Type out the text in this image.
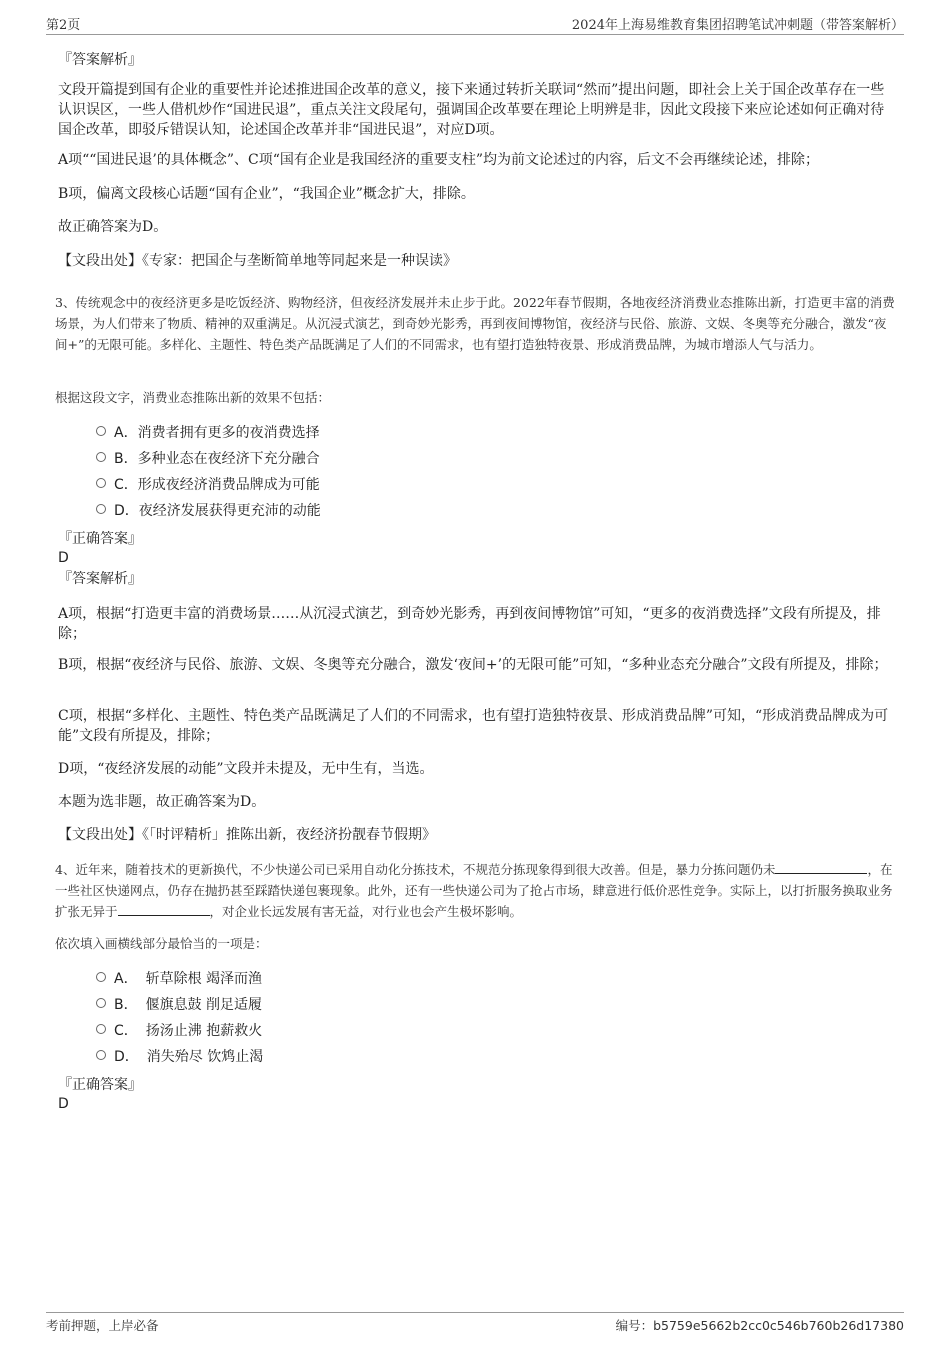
第2页	2024年上海易维教育集团招聘笔试冲刺题（带答案解析）
『答案解析』
文段开篇提到国有企业的重要性并论述推进国企改革的意义，接下来通过转折关联词“然而”提出问题，即社会上关于国企改革存在一些认识误区，一些人借机炒作“国进民退”，重点关注文段尾句，强调国企改革要在理论上明辨是非，因此文段接下来应论述如何正确对待国企改革，即驳斥错误认知，论述国企改革并非“国进民退”，对应D项。
A项““国进民退’的具体概念”、C项“国有企业是我国经济的重要支柱”均为前文论述过的内容，后文不会再继续论述，排除；
B项，偏离文段核心话题“国有企业”，“我国企业”概念扩大，排除。
故正确答案为D。
【文段出处】《专家：把国企与垄断简单地等同起来是一种误读》
3、传统观念中的夜经济更多是吃饭经济、购物经济，但夜经济发展并未止步于此。2022年春节假期，各地夜经济消费业态推陈出新，打造更丰富的消费场景，为人们带来了物质、精神的双重满足。从沉浸式演艺，到奇妙光影秀，再到夜间博物馆，夜经济与民俗、旅游、文娱、冬奥等充分融合，激发“夜间+”的无限可能。多样化、主题性、特色类产品既满足了人们的不同需求，也有望打造独特夜景、形成消费品牌，为城市增添人气与活力。
根据这段文字，消费业态推陈出新的效果不包括：
A．消费者拥有更多的夜消费选择
B．多种业态在夜经济下充分融合
C．形成夜经济消费品牌成为可能
D．夜经济发展获得更充沛的动能
『正确答案』
D
『答案解析』
A项，根据“打造更丰富的消费场景……从沉浸式演艺，到奇妙光影秀，再到夜间博物馆”可知，“更多的夜消费选择”文段有所提及，排除；
B项，根据“夜经济与民俗、旅游、文娱、冬奥等充分融合，激发‘夜间+’的无限可能”可知，“多种业态充分融合”文段有所提及，排除；
C项，根据“多样化、主题性、特色类产品既满足了人们的不同需求，也有望打造独特夜景、形成消费品牌”可知，“形成消费品牌成为可能”文段有所提及，排除；
D项，“夜经济发展的动能”文段并未提及，无中生有，当选。
本题为选非题，故正确答案为D。
【文段出处】《「时评精析」推陈出新，夜经济扮靓春节假期》
4、近年来，随着技术的更新换代，不少快递公司已采用自动化分拣技术，不规范分拣现象得到很大改善。但是，暴力分拣问题仍未	，在一些社区快递网点，仍存在抛扔甚至踩踏快递包裹现象。此外，还有一些快递公司为了抢占市场，肆意进行低价恶性竞争。实际上，以打折服务换取业务扩张无异于	，对企业长远发展有害无益，对行业也会产生极坏影响。
依次填入画横线部分最恰当的一项是：
A． 斩草除根 竭泽而渔
B． 偃旗息鼓 削足适履
C． 扬汤止沸 抱薪救火
D． 消失殆尽 饮鸩止渴
『正确答案』
D
考前押题，上岸必备	编号：b5759e5662b2cc0c546b760b26d17380
